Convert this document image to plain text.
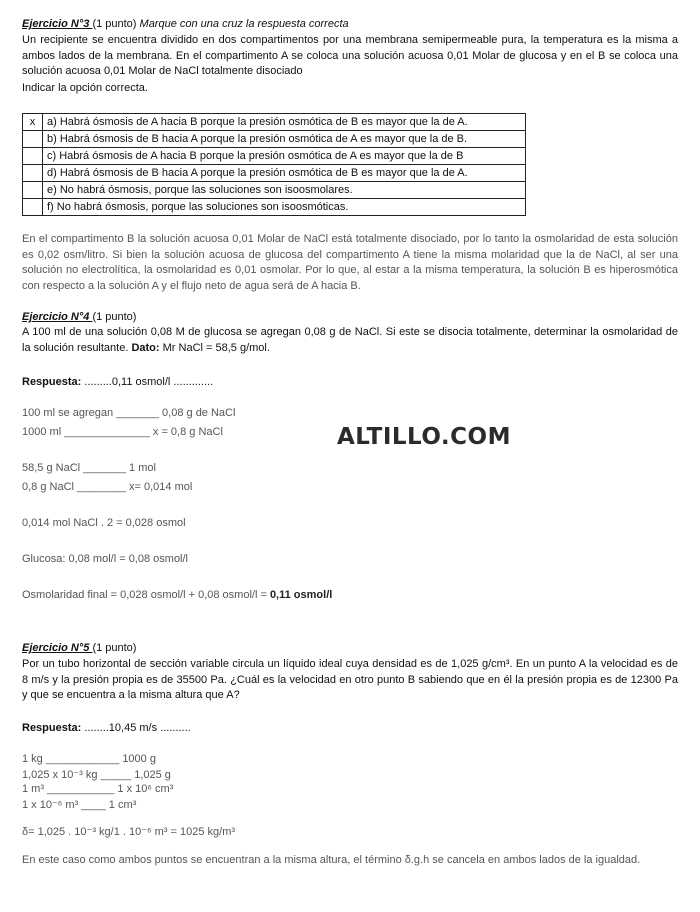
Ejercicio N°3 (1 punto) Marque con una cruz la respuesta correcta
Un recipiente se encuentra dividido en dos compartimentos por una membrana semipermeable pura, la temperatura es la misma a ambos lados de la membrana. En el compartimento A se coloca una solución acuosa 0,01 Molar de glucosa y en el B se coloca una solución acuosa 0,01 Molar de NaCl totalmente disociado
Indicar la opción correcta.
x	a) Habrá ósmosis de A hacia B porque la presión osmótica de B es mayor que la de A.
	b) Habrá ósmosis de B hacia A porque la presión osmótica de A es mayor que la de B.
	c) Habrá ósmosis de A hacia B porque la presión osmótica de A es mayor que la de B
	d) Habrá ósmosis de B hacia A porque la presión osmótica de B es mayor que la de A.
	e) No habrá ósmosis, porque las soluciones son isoosmolares.
	f) No habrá ósmosis, porque las soluciones son isoosmóticas.
En el compartimento B la solución acuosa 0,01 Molar de NaCl está totalmente disociado, por lo tanto la osmolaridad de esta solución es 0,02 osm/litro. Si bien la solución acuosa de glucosa del compartimento A tiene la misma molaridad que la de NaCl, al ser una solución no electrolítica, la osmolaridad es 0,01 osmolar. Por lo que, al estar a la misma temperatura, la solución B es hiperosmótica con respecto a la solución A y el flujo neto de agua será de A hacia B.
Ejercicio N°4 (1 punto)
A 100 ml de una solución 0,08 M de glucosa se agregan 0,08 g de NaCl. Si este se disocia totalmente, determinar la osmolaridad de la solución resultante. Dato: Mr NaCl = 58,5 g/mol.
Respuesta: .........0,11 osmol/l .............
100 ml se agregan _______ 0,08 g de NaCl
1000 ml ______________ x = 0,8 g NaCl
58,5 g NaCl _______ 1 mol
0,8 g NaCl ________ x= 0,014 mol
0,014 mol NaCl . 2 = 0,028 osmol
Glucosa: 0,08 mol/l = 0,08 osmol/l
Osmolaridad final = 0,028 osmol/l + 0,08 osmol/l = 0,11 osmol/l
ALTILLO.COM
Ejercicio N°5 (1 punto)
Por un tubo horizontal de sección variable circula un líquido ideal cuya densidad es de 1,025 g/cm³. En un punto A la velocidad es de 8 m/s y la presión propia es de 35500 Pa. ¿Cuál es la velocidad en otro punto B sabiendo que en él la presión propia es de 12300 Pa y que se encuentra a la misma altura que A?
Respuesta: ........10,45 m/s ..........
1 kg ____________ 1000 g
1,025 x 10⁻³ kg _____ 1,025 g
1 m³ ___________ 1 x 10⁶ cm³
1 x 10⁻⁶ m³ ____ 1 cm³
δ= 1,025 . 10⁻³ kg/1 . 10⁻⁶ m³ = 1025 kg/m³
En este caso como ambos puntos se encuentran a la misma altura, el término δ.g.h se cancela en ambos lados de la igualdad.
